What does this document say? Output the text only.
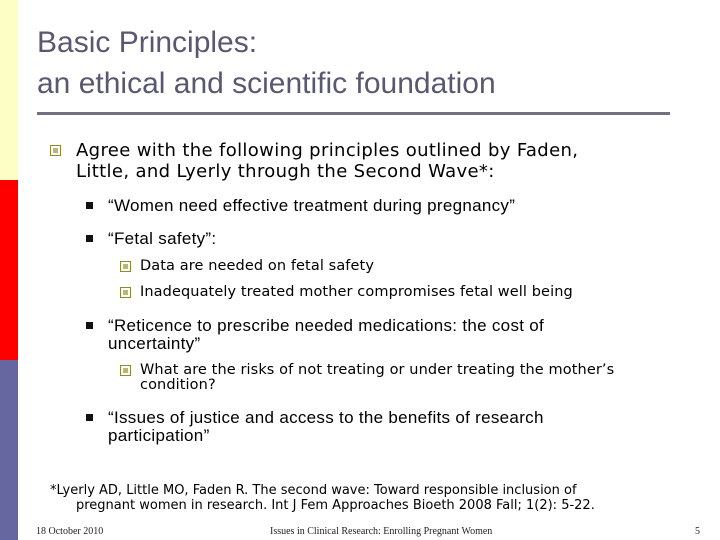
Basic Principles:
an ethical and scientific foundation
Agree with the following principles outlined by Faden,
Little, and Lyerly through the Second Wave*:
“Women need effective treatment during pregnancy”
“Fetal safety”:
Data are needed on fetal safety
Inadequately treated mother compromises fetal well being
“Reticence to prescribe needed medications: the cost of
uncertainty”
What are the risks of not treating or under treating the mother’s
condition?
“Issues of justice and access to the benefits of research
participation”
*Lyerly AD, Little MO, Faden R. The second wave: Toward responsible inclusion of
pregnant women in research. Int J Fem Approaches Bioeth 2008 Fall; 1(2): 5-22.
18 October 2010	Issues in Clinical Research: Enrolling Pregnant Women	5
